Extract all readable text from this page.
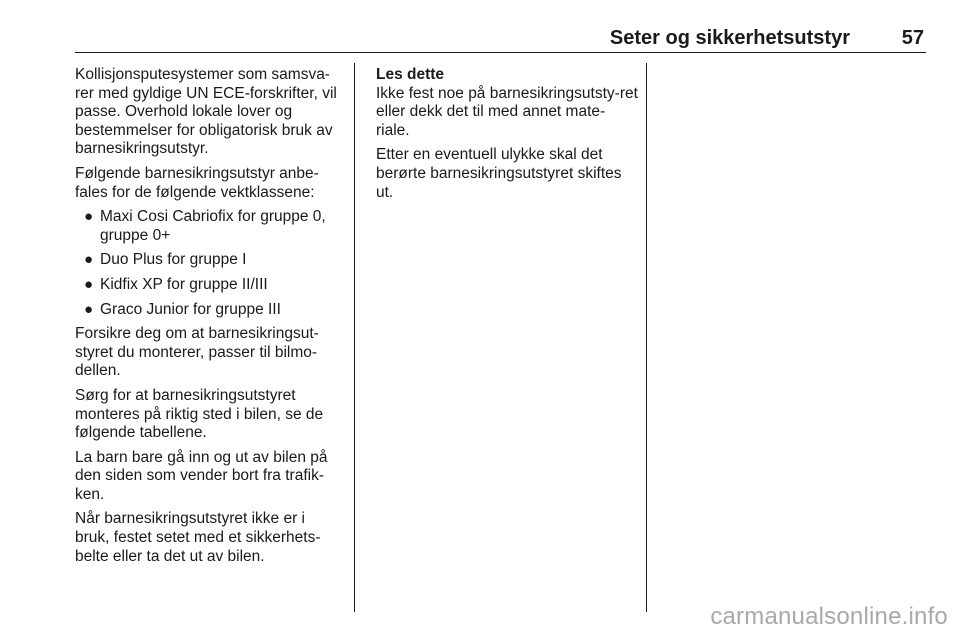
Seter og sikkerhetsutstyr	57

Kollisjonsputesystemer som samsva-rer med gyldige UN ECE-forskrifter, vil passe. Overhold lokale lover og bestemmelser for obligatorisk bruk av barnesikringsutstyr.

Følgende barnesikringsutstyr anbe-fales for de følgende vektklassene:

● Maxi Cosi Cabriofix for gruppe 0, gruppe 0+
● Duo Plus for gruppe I
● Kidfix XP for gruppe II/III
● Graco Junior for gruppe III

Forsikre deg om at barnesikringsut-styret du monterer, passer til bilmo-dellen.

Sørg for at barnesikringsutstyret monteres på riktig sted i bilen, se de følgende tabellene.

La barn bare gå inn og ut av bilen på den siden som vender bort fra trafik-ken.

Når barnesikringsutstyret ikke er i bruk, festet setet med et sikkerhets-belte eller ta det ut av bilen.

Les dette
Ikke fest noe på barnesikringsutsty-ret eller dekk det til med annet mate-riale.

Etter en eventuell ulykke skal det berørte barnesikringsutstyret skiftes ut.

carmanualsonline.info
